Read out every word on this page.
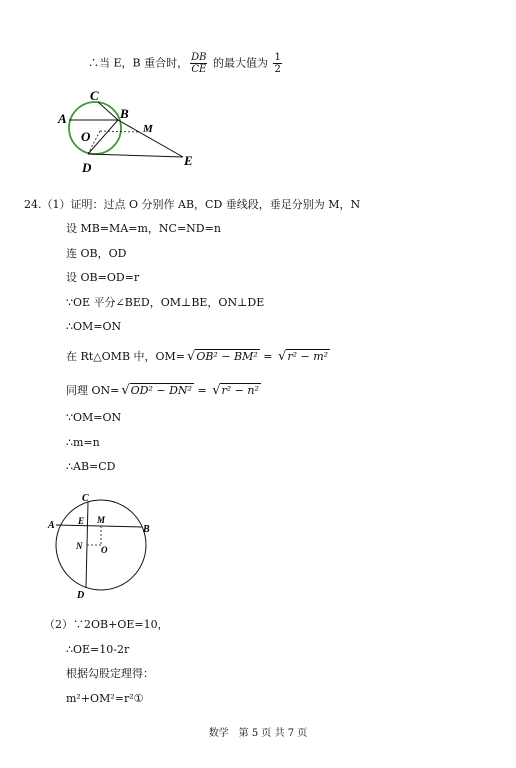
∴当 E，B 重合时， $\frac{DB}{CE}$ 的最大值为 $\frac{1}{2}$
A
C
B
M
O
D	E
24.（1）证明：过点 O 分别作 AB，CD 垂线段，垂足分别为 M，N
设 MB=MA=m，NC=ND=n
连 OB，OD
设 OB=OD=r
∵OE 平分∠BED，OM⊥BE，ON⊥DE
∴OM=ON
在 Rt△OMB 中，OM= √OB² − BM² = √r² − m²
同理 ON= √OD² − DN² = √r² − n²
∵OM=ON
∴m=n
∴AB=CD
A	B
C
D
E M
N O
（2）∵2OB+OE=10，
∴OE=10-2r
根据勾股定理得：
m²+OM²=r²①
数学　第 5 页 共 7 页
